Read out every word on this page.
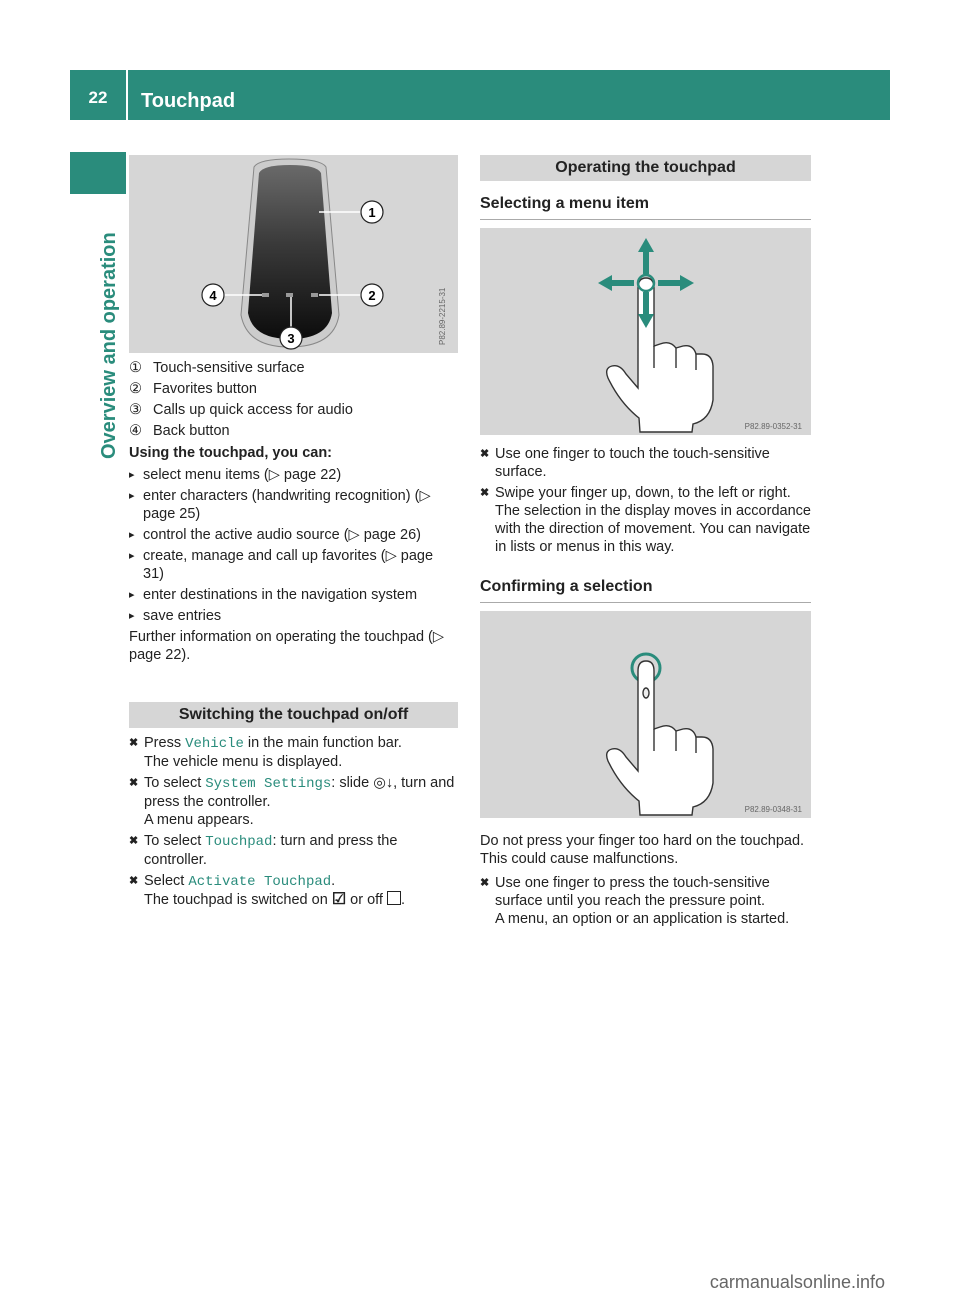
22	Touchpad
Overview and operation
1
2
3
4	P82.89-2215-31
① Touch-sensitive surface
② Favorites button
③ Calls up quick access for audio
④ Back button
Using the touchpad, you can:
▸ select menu items (▷ page 22)
▸ enter characters (handwriting recognition) (▷ page 25)
▸ control the active audio source (▷ page 26)
▸ create, manage and call up favorites (▷ page 31)
▸ enter destinations in the navigation system
▸ save entries
Further information on operating the touchpad (▷ page 22).
Switching the touchpad on/off
✖ Press Vehicle in the main function bar.
The vehicle menu is displayed.
✖ To select System Settings: slide ◎↓, turn and press the controller.
A menu appears.
✖ To select Touchpad: turn and press the controller.
✖ Select Activate Touchpad.
The touchpad is switched on ☑ or off .
Operating the touchpad
Selecting a menu item
P82.89-0352-31
✖ Use one finger to touch the touch-sensitive surface.
✖ Swipe your finger up, down, to the left or right. The selection in the display moves in accordance with the direction of movement. You can navigate in lists or menus in this way.
Confirming a selection
P82.89-0348-31
Do not press your finger too hard on the touchpad. This could cause malfunctions.
✖ Use one finger to press the touch-sensitive surface until you reach the pressure point.
A menu, an option or an application is started.
carmanualsonline.info
